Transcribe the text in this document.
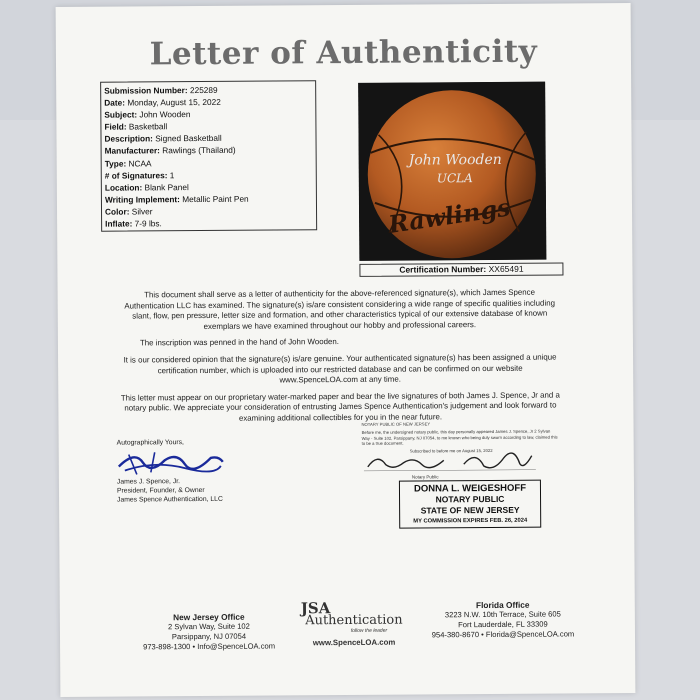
Letter of Authenticity
Submission Number: 225289
Date: Monday, August 15, 2022
Subject: John Wooden
Field: Basketball
Description: Signed Basketball
Manufacturer: Rawlings (Thailand)
Type: NCAA
# of Signatures: 1
Location: Blank Panel
Writing Implement: Metallic Paint Pen
Color: Silver
Inflate: 7-9 lbs.
John Wooden
UCLA
Rawlings
Certification Number: XX65491

This document shall serve as a letter of authenticity for the above-referenced signature(s), which James Spence Authentication LLC has examined. The signature(s) is/are consistent considering a wide range of specific qualities including slant, flow, pen pressure, letter size and formation, and other characteristics typical of our extensive database of known exemplars we have examined throughout our hobby and professional careers.

The inscription was penned in the hand of John Wooden.

It is our considered opinion that the signature(s) is/are genuine. Your authenticated signature(s) has been assigned a unique certification number, which is uploaded into our restricted database and can be confirmed on our website www.SpenceLOA.com at any time.

This letter must appear on our proprietary water-marked paper and bear the live signatures of both James J. Spence, Jr and a notary public. We appreciate your consideration of entrusting James Spence Authentication's judgement and look forward to examining additional collectibles for you in the near future.

Autographically Yours,
James J. Spence, Jr.
President, Founder, & Owner
James Spence Authentication, LLC
NOTARY PUBLIC OF NEW JERSEY
Before me, the undersigned notary public, this day personally appeared James J. Spence, Jr 2 Sylvan Way - Suite 102, Parsippany, NJ 07054, to me known who being duly sworn according to law, claimed this to be a true document.
Subscribed to before me on August 15, 2022
Notary Public
DONNA L. WEIGESHOFF
NOTARY PUBLIC
STATE OF NEW JERSEY
MY COMMISSION EXPIRES FEB. 26, 2024
New Jersey Office
2 Sylvan Way, Suite 102
Parsippany, NJ 07054
973-898-1300 • Info@SpenceLOA.com
JSA
Authentication
follow the leader
www.SpenceLOA.com
Florida Office
3223 N.W. 10th Terrace, Suite 605
Fort Lauderdale, FL 33309
954-380-8670 • Florida@SpenceLOA.com
